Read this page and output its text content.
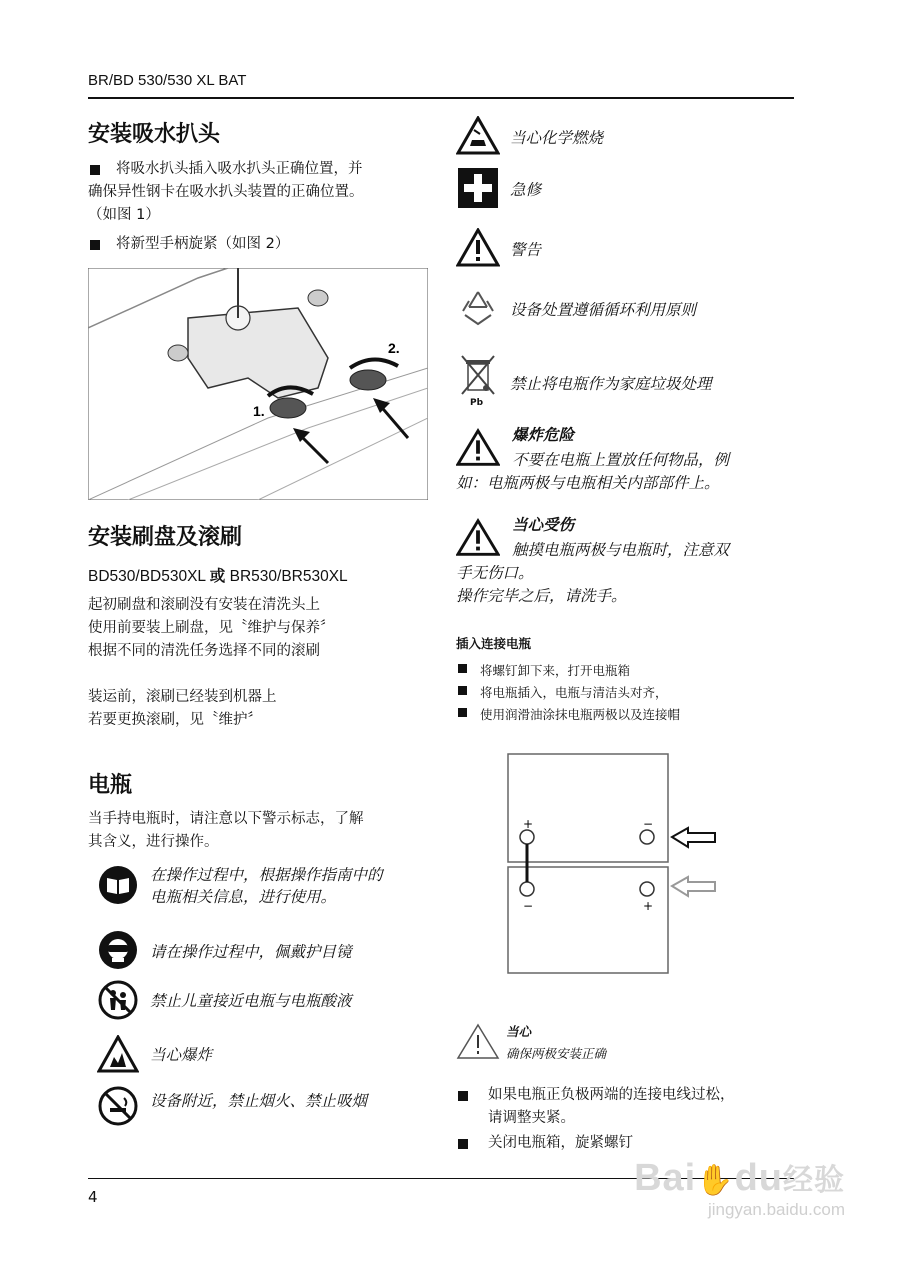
BR/BD 530/530 XL BAT
安装吸水扒头
将吸水扒头插入吸水扒头正确位置，并
确保异性钢卡在吸水扒头装置的正确位置。
（如图 1）
将新型手柄旋紧（如图 2）
1.
2.
安装刷盘及滚刷
BD530/BD530XL 或 BR530/BR530XL
起初刷盘和滚刷没有安装在清洗头上
使用前要装上刷盘，见〝维护与保养〞
根据不同的清洗任务选择不同的滚刷
装运前，滚刷已经装到机器上
若要更换滚刷，见〝维护〞
电瓶
当手持电瓶时，请注意以下警示标志，了解
其含义，进行操作。
在操作过程中，根据操作指南中的
电瓶相关信息，进行使用。
请在操作过程中，佩戴护目镜
禁止儿童接近电瓶与电瓶酸液
当心爆炸
设备附近，禁止烟火、禁止吸烟
当心化学燃烧
急修
警告
设备处置遵循循环利用原则
Pb
禁止将电瓶作为家庭垃圾处理
爆炸危险
不要在电瓶上置放任何物品，例
如：电瓶两极与电瓶相关内部部件上。
当心受伤
触摸电瓶两极与电瓶时，注意双
手无伤口。
操作完毕之后，请洗手。
插入连接电瓶
将螺钉卸下来，打开电瓶箱
将电瓶插入，电瓶与清洁头对齐，
使用润滑油涂抹电瓶两极以及连接帽
+	−
−	+
当心
确保两极安装正确
如果电瓶正负极两端的连接电线过松，
请调整夹紧。
关闭电瓶箱，旋紧螺钉
4	Bai✋du经验
jingyan.baidu.com
